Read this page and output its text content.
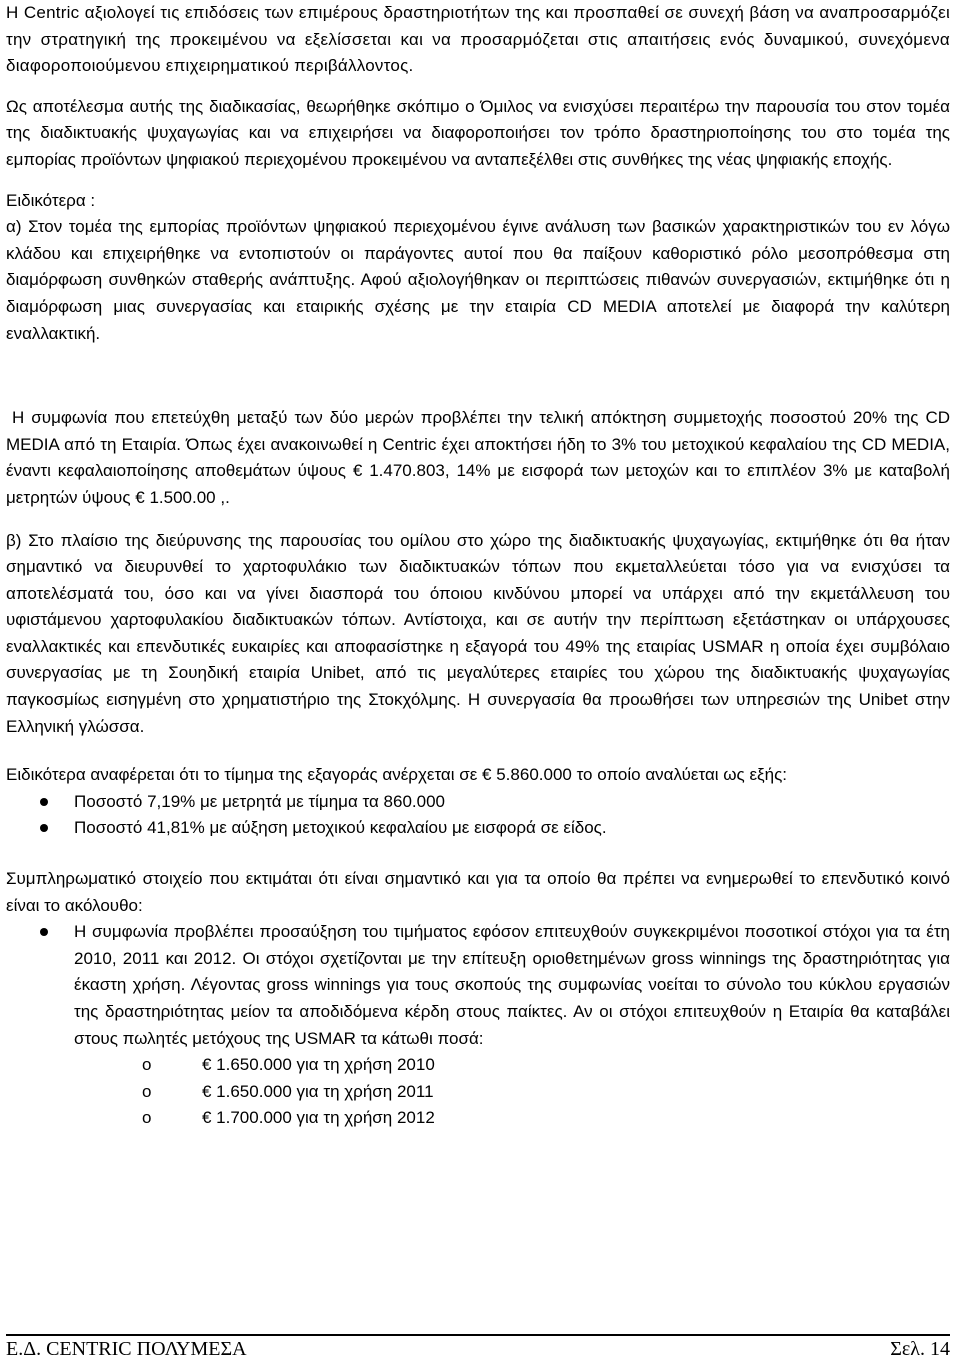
Η Centric αξιολογεί τις επιδόσεις των επιμέρους δραστηριοτήτων της και προσπαθεί σε συνεχή βάση να αναπροσαρμόζει την στρατηγική της προκειμένου να εξελίσσεται και να προσαρμόζεται στις απαιτήσεις ενός δυναμικού, συνεχόμενα διαφοροποιούμενου επιχειρηματικού περιβάλλοντος.

Ως αποτέλεσμα αυτής της διαδικασίας, θεωρήθηκε σκόπιμο ο Όμιλος να ενισχύσει περαιτέρω την παρουσία του στον τομέα της διαδικτυακής ψυχαγωγίας και να επιχειρήσει να διαφοροποιήσει τον τρόπο δραστηριοποίησης του στο τομέα της εμπορίας προϊόντων ψηφιακού περιεχομένου προκειμένου να ανταπεξέλθει στις συνθήκες της νέας ψηφιακής εποχής.

Ειδικότερα :

α) Στον τομέα της εμπορίας προϊόντων ψηφιακού περιεχομένου έγινε ανάλυση των βασικών χαρακτηριστικών του εν λόγω κλάδου και επιχειρήθηκε να εντοπιστούν οι παράγοντες αυτοί που θα παίξουν καθοριστικό ρόλο μεσοπρόθεσμα στη διαμόρφωση συνθηκών σταθερής ανάπτυξης. Αφού αξιολογήθηκαν οι περιπτώσεις πιθανών συνεργασιών, εκτιμήθηκε ότι η διαμόρφωση μιας συνεργασίας και εταιρικής σχέσης με την εταιρία CD MEDIA αποτελεί με διαφορά την καλύτερη εναλλακτική.

Η συμφωνία που επετεύχθη μεταξύ των δύο μερών προβλέπει την τελική απόκτηση συμμετοχής ποσοστού 20% της CD MEDIA από τη Εταιρία. Όπως έχει ανακοινωθεί η Centric έχει αποκτήσει ήδη το 3% του μετοχικού κεφαλαίου της CD MEDIA, έναντι κεφαλαιοποίησης αποθεμάτων ύψους € 1.470.803, 14% με εισφορά των μετοχών και το επιπλέον 3% με καταβολή μετρητών ύψους € 1.500.00 ,.

β) Στο πλαίσιο της διεύρυνσης της παρουσίας του ομίλου στο χώρο της διαδικτυακής ψυχαγωγίας, εκτιμήθηκε ότι θα ήταν σημαντικό να διευρυνθεί το χαρτοφυλάκιο των διαδικτυακών τόπων που εκμεταλλεύεται τόσο για να ενισχύσει τα αποτελέσματά του, όσο και να γίνει διασπορά του όποιου κινδύνου μπορεί να υπάρχει από την εκμετάλλευση του υφιστάμενου χαρτοφυλακίου διαδικτυακών τόπων. Αντίστοιχα, και σε αυτήν την περίπτωση εξετάστηκαν οι υπάρχουσες εναλλακτικές και επενδυτικές ευκαιρίες και αποφασίστηκε η εξαγορά του 49% της εταιρίας USMAR η οποία έχει συμβόλαιο συνεργασίας με τη Σουηδική εταιρία Unibet, από τις μεγαλύτερες εταιρίες του χώρου της διαδικτυακής ψυχαγωγίας παγκοσμίως εισηγμένη στο χρηματιστήριο της Στοκχόλμης. Η συνεργασία θα προωθήσει των υπηρεσιών της Unibet στην Ελληνική γλώσσα.

Ειδικότερα αναφέρεται ότι το τίμημα της εξαγοράς ανέρχεται σε € 5.860.000 το οποίο αναλύεται ως εξής:

Ποσοστό 7,19% με μετρητά με τίμημα τα 860.000
Ποσοστό 41,81% με αύξηση μετοχικού κεφαλαίου με εισφορά σε είδος.

Συμπληρωματικό στοιχείο που εκτιμάται ότι είναι σημαντικό και για τα οποίο θα πρέπει να ενημερωθεί το επενδυτικό κοινό είναι το ακόλουθο:

Η συμφωνία προβλέπει προσαύξηση του τιμήματος εφόσον επιτευχθούν συγκεκριμένοι ποσοτικοί στόχοι για τα έτη 2010, 2011 και 2012. Οι στόχοι σχετίζονται με την επίτευξη οριοθετημένων gross winnings της δραστηριότητας για έκαστη χρήση. Λέγοντας gross winnings για τους σκοπούς της συμφωνίας νοείται το σύνολο του κύκλου εργασιών της δραστηριότητας μείον τα αποδιδόμενα κέρδη στους παίκτες. Αν οι στόχοι επιτευχθούν η Εταιρία θα καταβάλει στους πωλητές μετόχους της USMAR τα κάτωθι ποσά:
o € 1.650.000 για τη χρήση 2010
o € 1.650.000 για τη χρήση 2011
o € 1.700.000 για τη χρήση 2012
Ε.Δ. CENTRIC ΠΟΛΥΜΕΣΑ	Σελ. 14
